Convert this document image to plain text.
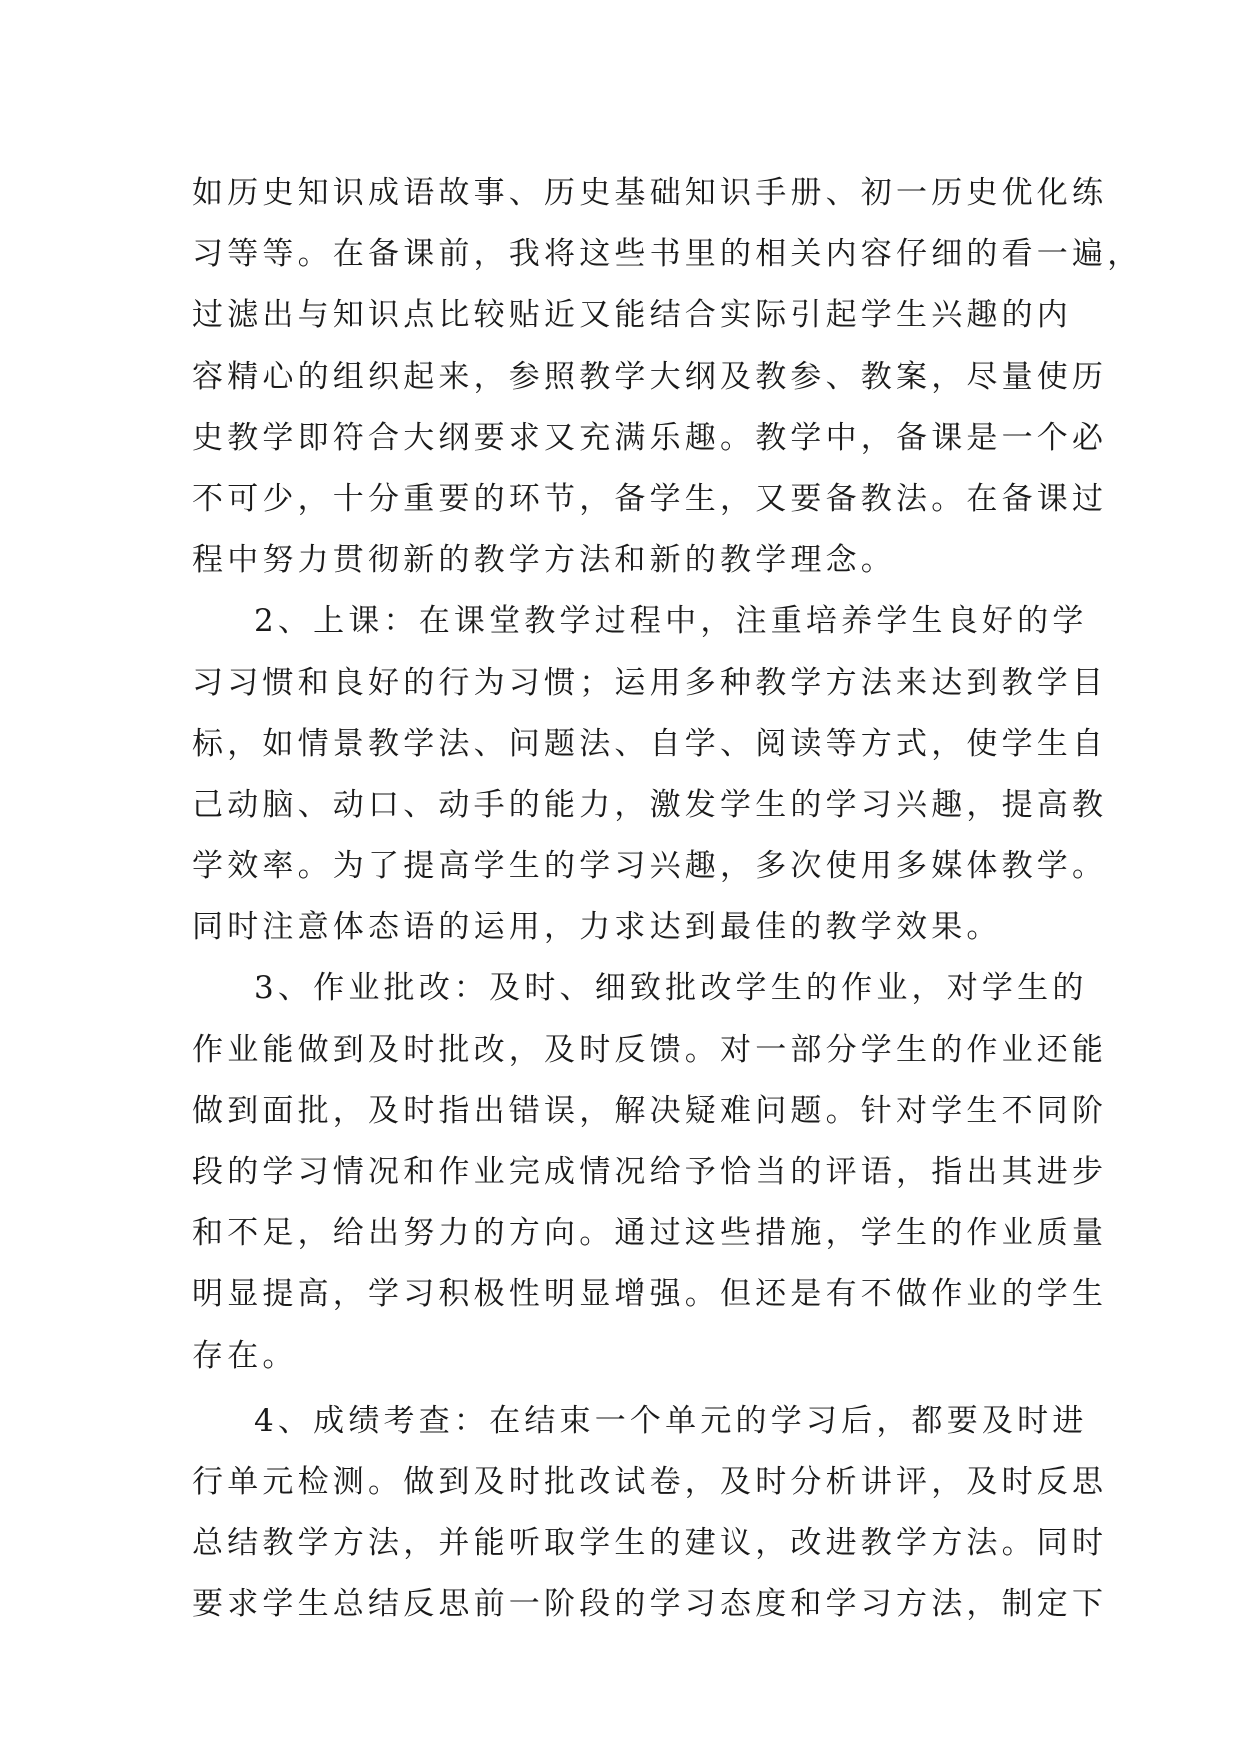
如历史知识成语故事、历史基础知识手册、初一历史优化练
习等等。在备课前，我将这些书里的相关内容仔细的看一遍，
过滤出与知识点比较贴近又能结合实际引起学生兴趣的内
容精心的组织起来，参照教学大纲及教参、教案，尽量使历
史教学即符合大纲要求又充满乐趣。教学中，备课是一个必
不可少，十分重要的环节，备学生，又要备教法。在备课过
程中努力贯彻新的教学方法和新的教学理念。
2、上课：在课堂教学过程中，注重培养学生良好的学
习习惯和良好的行为习惯；运用多种教学方法来达到教学目
标，如情景教学法、问题法、自学、阅读等方式，使学生自
己动脑、动口、动手的能力，激发学生的学习兴趣，提高教
学效率。为了提高学生的学习兴趣，多次使用多媒体教学。
同时注意体态语的运用，力求达到最佳的教学效果。
3、作业批改：及时、细致批改学生的作业，对学生的
作业能做到及时批改，及时反馈。对一部分学生的作业还能
做到面批，及时指出错误，解决疑难问题。针对学生不同阶
段的学习情况和作业完成情况给予恰当的评语，指出其进步
和不足，给出努力的方向。通过这些措施，学生的作业质量
明显提高，学习积极性明显增强。但还是有不做作业的学生
存在。
4、成绩考查：在结束一个单元的学习后，都要及时进
行单元检测。做到及时批改试卷，及时分析讲评，及时反思
总结教学方法，并能听取学生的建议，改进教学方法。同时
要求学生总结反思前一阶段的学习态度和学习方法，制定下
